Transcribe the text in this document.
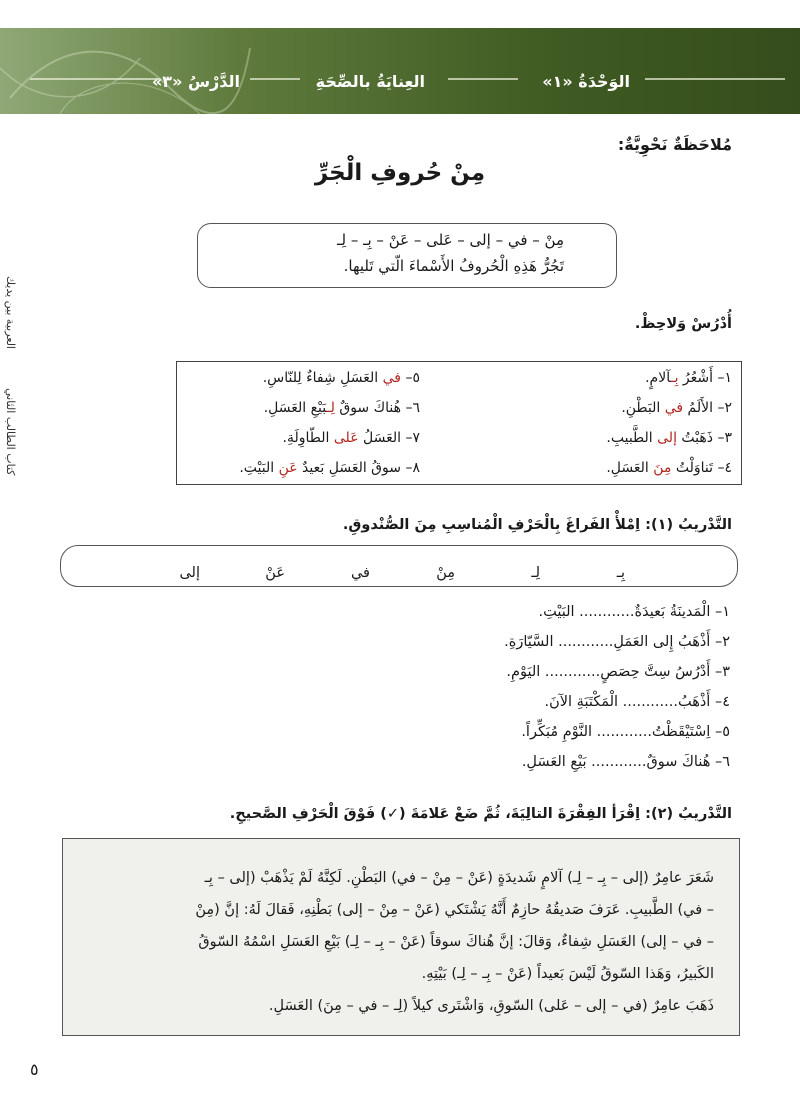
الوَحْدَةُ «١»
العِنايَةُ بالصِّحَةِ
الدَّرْسُ «٣»
العربية بين يديك
كتاب الطالب الثاني
مُلاحَظَةٌ نَحْوِيَّةٌ:
مِنْ حُروفِ الْجَرِّ
مِنْ – في – إلى – عَلى – عَنْ – بِـ – لِـ
تَجُرُّ هَذِهِ الْحُروفُ الأَسْماءَ الّتي تَليها.
أُدْرُسْ وَلاحِظْ.
١– أَشْعُرُ بِـآلامٍ.
٢– الأَلَمُ في البَطْنِ.
٣– ذَهَبْتُ إلى الطَّبيبِ.
٤– تَناوَلْتُ مِنَ العَسَلِ.
٥– في العَسَلِ شِفاءٌ لِلنّاسِ.
٦– هُناكَ سوقٌ لِـبَيْعِ العَسَلِ.
٧– العَسَلُ عَلى الطّاوِلَةِ.
٨– سوقُ العَسَلِ بَعيدٌ عَنِ البَيْتِ.
التَّدْريبُ (١): اِمْلأْ الفَراغَ بِالْحَرْفِ الْمُناسِبِ مِنَ الصُّنْدوقِ.
بِـ
لِـ
مِنْ
في
عَنْ
إلى
١– الْمَدينَةُ بَعيدَةٌ............ البَيْتِ.
٢– أَذْهَبُ إِلى العَمَلِ............ السَّيّارَةِ.
٣– أَدْرُسُ سِتَّ حِصَصٍ............ اليَوْمِ.
٤– أَذْهَبُ............ الْمَكْتَبَةِ الآنَ.
٥– اِسْتَيْقَظْتُ............ النَّوْمِ مُبَكِّراً.
٦– هُناكَ سوقٌ............ بَيْعِ العَسَلِ.
التَّدْريبُ (٢): اِقْرَأ الفِقْرَةَ التالِيَةَ، ثُمَّ ضَعْ عَلامَةَ (✓) فَوْقَ الْحَرْفِ الصَّحيحِ.
شَعَرَ عامِرٌ (إلى – بِـ – لِـ) آلامٍ شَديدَةٍ (عَنْ – مِنْ – في) البَطْنِ. لَكِنَّهُ لَمْ يَذْهَبْ (إلى – بِـ
– في) الطَّبيبِ. عَرَفَ صَديقُهُ حازِمٌ أَنَّهُ يَشْتَكي (عَنْ – مِنْ – إلى) بَطْنِهِ، فَقالَ لَهُ: إنَّ (مِنْ
– في – إلى) العَسَلِ شِفاءٌ، وَقالَ: إنَّ هُناكَ سوقاً (عَنْ – بِـ – لِـ) بَيْعِ العَسَلِ اسْمُهُ السّوقُ
الكَبيرُ، وَهَذا السّوقُ لَيْسَ بَعيداً (عَنْ – بِـ – لِـ) بَيْتِهِ.
ذَهَبَ عامِرٌ (في – إلى – عَلى) السّوقِ، وَاشْتَرى كيلاً (لِـ – في – مِنَ) العَسَلِ.
٥
